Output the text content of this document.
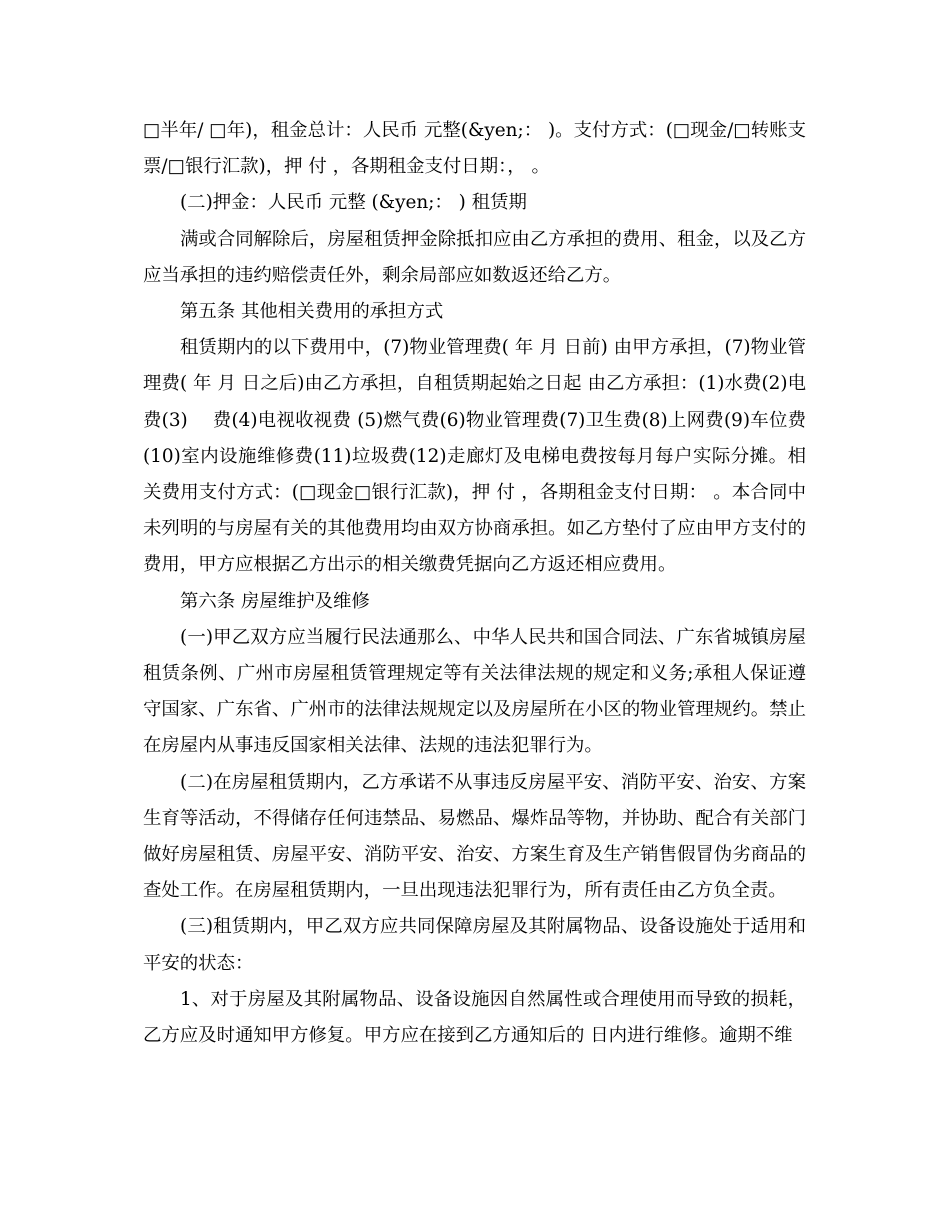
□半年/ □年)，租金总计：人民币 元整(&yen;： )。支付方式：(□现金/□转账支票/□银行汇款)，押 付 ，各期租金支付日期：， 。

(二)押金：人民币 元整 (&yen;： ) 租赁期

满或合同解除后，房屋租赁押金除抵扣应由乙方承担的费用、租金，以及乙方应当承担的违约赔偿责任外，剩余局部应如数返还给乙方。

第五条 其他相关费用的承担方式

租赁期内的以下费用中，(7)物业管理费( 年 月 日前) 由甲方承担，(7)物业管理费( 年 月 日之后)由乙方承担，自租赁期起始之日起 由乙方承担：(1)水费(2)电费(3)　 费(4)电视收视费 (5)燃气费(6)物业管理费(7)卫生费(8)上网费(9)车位费(10)室内设施维修费(11)垃圾费(12)走廊灯及电梯电费按每月每户实际分摊。相关费用支付方式：(□现金□银行汇款)，押 付 ，各期租金支付日期： 。本合同中未列明的与房屋有关的其他费用均由双方协商承担。如乙方垫付了应由甲方支付的费用，甲方应根据乙方出示的相关缴费凭据向乙方返还相应费用。

第六条 房屋维护及维修

(一)甲乙双方应当履行民法通那么、中华人民共和国合同法、广东省城镇房屋租赁条例、广州市房屋租赁管理规定等有关法律法规的规定和义务;承租人保证遵守国家、广东省、广州市的法律法规规定以及房屋所在小区的物业管理规约。禁止在房屋内从事违反国家相关法律、法规的违法犯罪行为。

(二)在房屋租赁期内，乙方承诺不从事违反房屋平安、消防平安、治安、方案生育等活动，不得储存任何违禁品、易燃品、爆炸品等物，并协助、配合有关部门做好房屋租赁、房屋平安、消防平安、治安、方案生育及生产销售假冒伪劣商品的查处工作。在房屋租赁期内，一旦出现违法犯罪行为，所有责任由乙方负全责。

(三)租赁期内，甲乙双方应共同保障房屋及其附属物品、设备设施处于适用和平安的状态：

1、对于房屋及其附属物品、设备设施因自然属性或合理使用而导致的损耗，乙方应及时通知甲方修复。甲方应在接到乙方通知后的 日内进行维修。逾期不维
